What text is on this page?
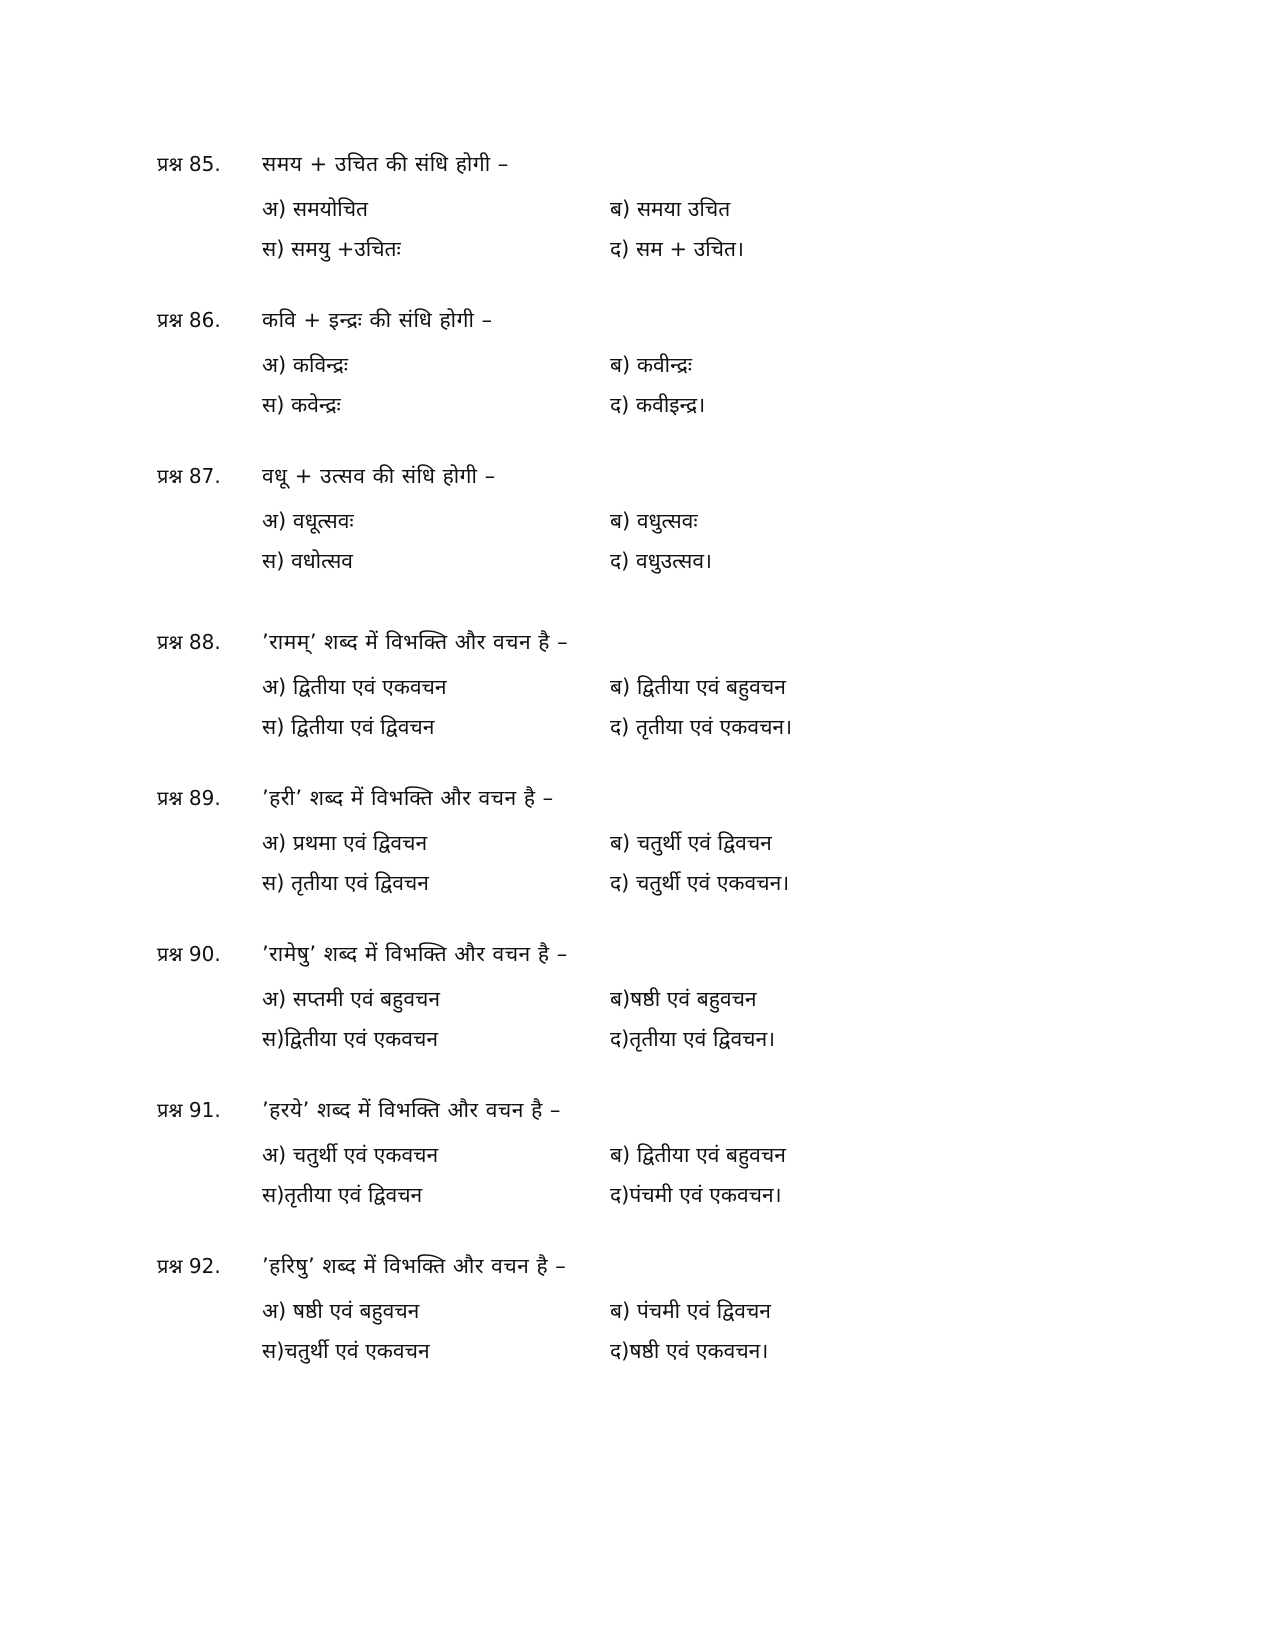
प्रश्न 85.	समय + उचित की संधि होगी –
अ) समयोचित	ब) समया उचित
स) समयु +उचितः	द) सम + उचित।
प्रश्न 86.	कवि + इन्द्रः की संधि होगी –
अ) कविन्द्रः	ब) कवीन्द्रः
स) कवेन्द्रः	द) कवीइन्द्र।
प्रश्न 87.	वधू + उत्सव की संधि होगी –
अ) वधूत्सवः	ब) वधुत्सवः
स) वधोत्सव	द) वधुउत्सव।
प्रश्न 88.	’रामम्’ शब्द में विभक्ति और वचन है –
अ) द्वितीया एवं एकवचन	ब) द्वितीया एवं बहुवचन
स) द्वितीया एवं द्विवचन	द) तृतीया एवं एकवचन।
प्रश्न 89.	’हरी’ शब्द में विभक्ति और वचन है –
अ) प्रथमा एवं द्विवचन	ब) चतुर्थी एवं द्विवचन
स) तृतीया एवं द्विवचन	द) चतुर्थी एवं एकवचन।
प्रश्न 90.	’रामेषु’ शब्द में विभक्ति और वचन है –
अ) सप्तमी एवं बहुवचन	ब)षष्ठी एवं बहुवचन
स)द्वितीया एवं एकवचन	द)तृतीया एवं द्विवचन।
प्रश्न 91.	’हरये’ शब्द में विभक्ति और वचन है –
अ) चतुर्थी एवं एकवचन	ब) द्वितीया एवं बहुवचन
स)तृतीया एवं द्विवचन	द)पंचमी एवं एकवचन।
प्रश्न 92.	’हरिषु’ शब्द में विभक्ति और वचन है –
अ) षष्ठी एवं बहुवचन	ब) पंचमी एवं द्विवचन
स)चतुर्थी एवं एकवचन	द)षष्ठी एवं एकवचन।
